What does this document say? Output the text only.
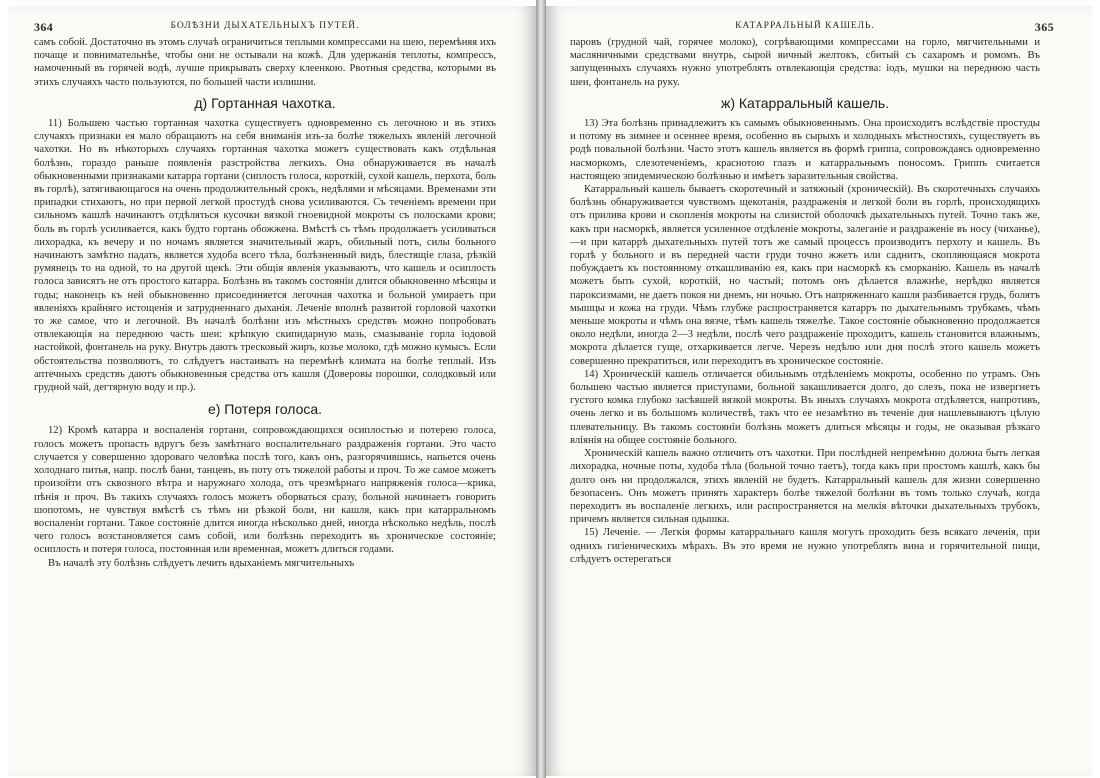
364	БОЛѢЗНИ ДЫХАТЕЛЬНЫХЪ ПУТЕЙ.

самъ собой. Достаточно въ этомъ случаѣ ограничиться теплыми компрессами на шею, перемѣняя ихъ почаще и повнимательнѣе, чтобы они не остывали на кожѣ. Для удержанія теплоты, компрессъ, намоченный въ горячей водѣ, лучше прикрывать сверху клеенкою. Рвотныя средства, которыми въ этихъ случаяхъ часто пользуются, по большей части излишни.

д) Гортанная чахотка.

11) Большею частью гортанная чахотка существуетъ одновременно съ легочною и въ этихъ случаяхъ признаки ея мало обращаютъ на себя вниманія изъ-за болѣе тяжелыхъ явленій легочной чахотки. Но въ нѣкоторыхъ случаяхъ гортанная чахотка можетъ существовать какъ отдѣльная болѣзнь, гораздо раньше появленія разстройства легкихъ. Она обнаруживается въ началѣ обыкновенными признаками катарра гортани (сиплость голоса, короткій, сухой кашель, перхота, боль въ горлѣ), затягивающагося на очень продолжительный срокъ, недѣлями и мѣсяцами. Временами эти припадки стихаютъ, но при первой легкой простудѣ снова усиливаются. Съ теченіемъ времени при сильномъ кашлѣ начинаютъ отдѣляться кусочки вязкой гноевидной мокроты съ полосками крови; боль въ горлѣ усиливается, какъ будто гортань обожжена. Вмѣстѣ съ тѣмъ продолжаетъ усиливаться лихорадка, къ вечеру и по ночамъ является значительный жаръ, обильный потъ, силы больного начинаютъ замѣтно падать, является худоба всего тѣла, болѣзненный видъ, блестящіе глаза, рѣзкій румянецъ то на одной, то на другой щекѣ. Эти общія явленія указываютъ, что кашель и осиплость голоса зависятъ не отъ простого катарра. Болѣзнь въ такомъ состояніи длится обыкновенно мѣсяцы и годы; наконецъ къ ней обыкновенно присоединяется легочная чахотка и больной умираетъ при явленіяхъ крайняго истощенія и затрудненнаго дыханія. Леченіе вполнѣ развитой горловой чахотки то же самое, что и легочной. Въ началѣ болѣзни изъ мѣстныхъ средствъ можно попробовать отвлекающія на переднюю часть шеи: крѣпкую скипидарную мазь, смазываніе горла іодовой настойкой, фонтанель на руку. Внутрь даютъ тресковый жиръ, козье молоко, гдѣ можно кумысъ. Если обстоятельства позволяютъ, то слѣдуетъ настаивать на перемѣнѣ климата на болѣе теплый. Изъ аптечныхъ средствъ даютъ обыкновенныя средства отъ кашля (Довеpoвы порошки, солодковый или грудной чай, дегтярную воду и пр.).

е) Потеря голоса.

12) Кромѣ катарра и воспаленія гортани, сопровождающихся осиплостью и потерею голоса, голосъ можетъ пропасть вдругъ безъ замѣтнаго воспалительнаго раздраженія гортани. Это часто случается у совершенно здороваго человѣка послѣ того, какъ онъ, разгорячившись, напьется очень холоднаго питья, напр. послѣ бани, танцевъ, въ поту отъ тяжелой работы и проч. То же самое можетъ произойти отъ сквозного вѣтра и наружнаго холода, отъ чрезмѣрнаго напряженія голоса—крика, пѣнія и проч. Въ такихъ случаяхъ голосъ можетъ оборваться сразу, больной начинаетъ говорить шопотомъ, не чувствуя вмѣстѣ съ тѣмъ ни рѣзкой боли, ни кашля, какъ при катарральномъ воспаленіи гортани. Такое состояніе длится иногда нѣсколько дней, иногда нѣсколько недѣль, послѣ чего голосъ возстановляется самъ собой, или болѣзнь переходитъ въ хроническое состояніе; осиплость и потеря голоса, постоянная или временная, можетъ длиться годами.

Въ началѣ эту болѣзнь слѣдуетъ лечить вдыханіемъ мягчительныхъ

КАТАРРАЛЬНЫЙ КАШЕЛЬ.	365

паровъ (грудной чай, горячее молоко), согрѣвающими компрессами на горло, мягчительными и масляничными средствами внутрь, сырой яичный желтокъ, сбитый съ сахаромъ и ромомъ. Въ запущенныхъ случаяхъ нужно употреблять отвлекающія средства: іодъ, мушки на переднюю часть шеи, фонтанель на руку.

ж) Катарральный кашель.

13) Эта болѣзнь принадлежитъ къ самымъ обыкновеннымъ. Она происходитъ вслѣдствіе простуды и потому въ зимнее и осеннее время, особенно въ сырыхъ и холодныхъ мѣстностяхъ, существуетъ въ родѣ повальной болѣзни. Часто этотъ кашель является въ формѣ гриппа, сопровождаясь одновременно насморкомъ, слезотеченіемъ, краснотою глазъ и катарральнымъ поносомъ. Гриппъ считается настоящею эпидемическою болѣзнью и имѣетъ заразительныя свойства.

Катарральный кашель бываетъ скоротечный и затяжный (хроническій). Въ скоротечныхъ случаяхъ болѣзнь обнаруживается чувствомъ щекотанія, раздраженія и легкой боли въ горлѣ, происходящихъ отъ прилива крови и скопленія мокроты на слизистой оболочкѣ дыхательныхъ путей. Точно такъ же, какъ при насморкѣ, является усиленное отдѣленіе мокроты, залеганіе и раздраженіе въ носу (чиханье),—и при катаррѣ дыхательныхъ путей тотъ же самый процессъ производитъ перхоту и кашель. Въ горлѣ у больного и въ передней части груди точно жжетъ или саднитъ, скопляющаяся мокрота побуждаетъ къ постоянному откашливанію ея, какъ при насморкѣ къ сморканію. Кашель въ началѣ можетъ быть сухой, короткій, но частый; потомъ онъ дѣлается влажнѣе, нерѣдко является пароксизмами, не даетъ покоя ни днемъ, ни ночью. Отъ напряженнаго кашля разбивается грудь, болятъ мышцы и кожа на груди. Чѣмъ глубже распространяется катарръ по дыхательнымъ трубкамъ, чѣмъ меньше мокроты и чѣмъ она вязче, тѣмъ кашель тяжелѣе. Такое состояніе обыкновенно продолжается около недѣли, иногда 2—3 недѣли, послѣ чего раздраженіе проходитъ, кашель становится влажнымъ, мокрота дѣлается гуще, отхаркивается легче. Черезъ недѣлю или дня послѣ этого кашель можетъ совершенно прекратиться, или переходитъ въ хроническое состояніе.

14) Хроническій кашель отличается обильнымъ отдѣленіемъ мокроты, особенно по утрамъ. Онъ большею частью является приступами, больной закашливается долго, до слезъ, пока не извергнетъ густого комка глубоко засѣвшей вязкой мокроты. Въ иныхъ случаяхъ мокрота отдѣляется, напротивъ, очень легко и въ большомъ количествѣ, такъ что ее незамѣтно въ теченіе дня нашлевываютъ цѣлую плевательницу. Въ такомъ состояніи болѣзнь можетъ длиться мѣсяцы и годы, не оказывая рѣзкаго вліянія на общее состояніе больного.

Хроническій кашель важно отличить отъ чахотки. При послѣдней непремѣнно должна быть легкая лихорадка, ночные поты, худоба тѣла (больной точно таетъ), тогда какъ при простомъ кашлѣ, какъ бы долго онъ ни продолжался, этихъ явленій не будетъ. Катарральный кашель для жизни совершенно безопасенъ. Онъ можетъ принять характеръ болѣе тяжелой болѣзни въ томъ только случаѣ, когда переходитъ въ воспаленіе легкихъ, или распространяется на мелкія вѣточки дыхательныхъ трубокъ, причемъ является сильная одышка.

15) Леченіе. — Легкія формы катарральнаго кашля могутъ проходить безъ всякаго леченія, при однихъ гигіеническихъ мѣрахъ. Въ это время не нужно употреблять вина и горячительной пищи, слѣдуетъ остерегаться
